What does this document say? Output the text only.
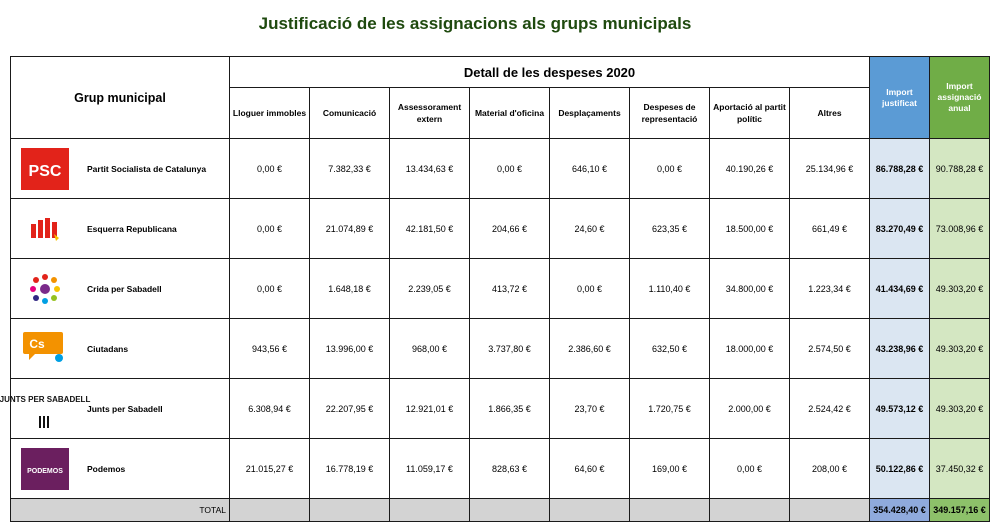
Justificació de les assignacions als grups municipals
Grup municipal	Detall de les despeses 2020								Import justificat	Import assignació anual
	Lloguer immobles	Comunicació	Assessorament extern	Material d'oficina	Desplaçaments	Despeses de representació	Aportació al partit polític	Altres		

PSC Partit Socialista de Catalunya	0,00 €	7.382,33 €	13.434,63 €	0,00 €	646,10 €	0,00 €	40.190,26 €	25.134,96 €	86.788,28 €	90.788,28 €

Esquerra Republicana	0,00 €	21.074,89 €	42.181,50 €	204,66 €	24,60 €	623,35 €	18.500,00 €	661,49 €	83.270,49 €	73.008,96 €

Crida per Sabadell	0,00 €	1.648,18 €	2.239,05 €	413,72 €	0,00 €	1.110,40 €	34.800,00 €	1.223,34 €	41.434,69 €	49.303,20 €

Cs Ciutadans	943,56 €	13.996,00 €	968,00 €	3.737,80 €	2.386,60 €	632,50 €	18.000,00 €	2.574,50 €	43.238,96 €	49.303,20 €

JUNTS PER SABADELL
Junts per Sabadell	6.308,94 €	22.207,95 €	12.921,01 €	1.866,35 €	23,70 €	1.720,75 €	2.000,00 €	2.524,42 €	49.573,12 €	49.303,20 €

PODEMOS Podemos	21.015,27 €	16.778,19 €	11.059,17 €	828,63 €	64,60 €	169,00 €	0,00 €	208,00 €	50.122,86 €	37.450,32 €
TOTAL									354.428,40 €	349.157,16 €
